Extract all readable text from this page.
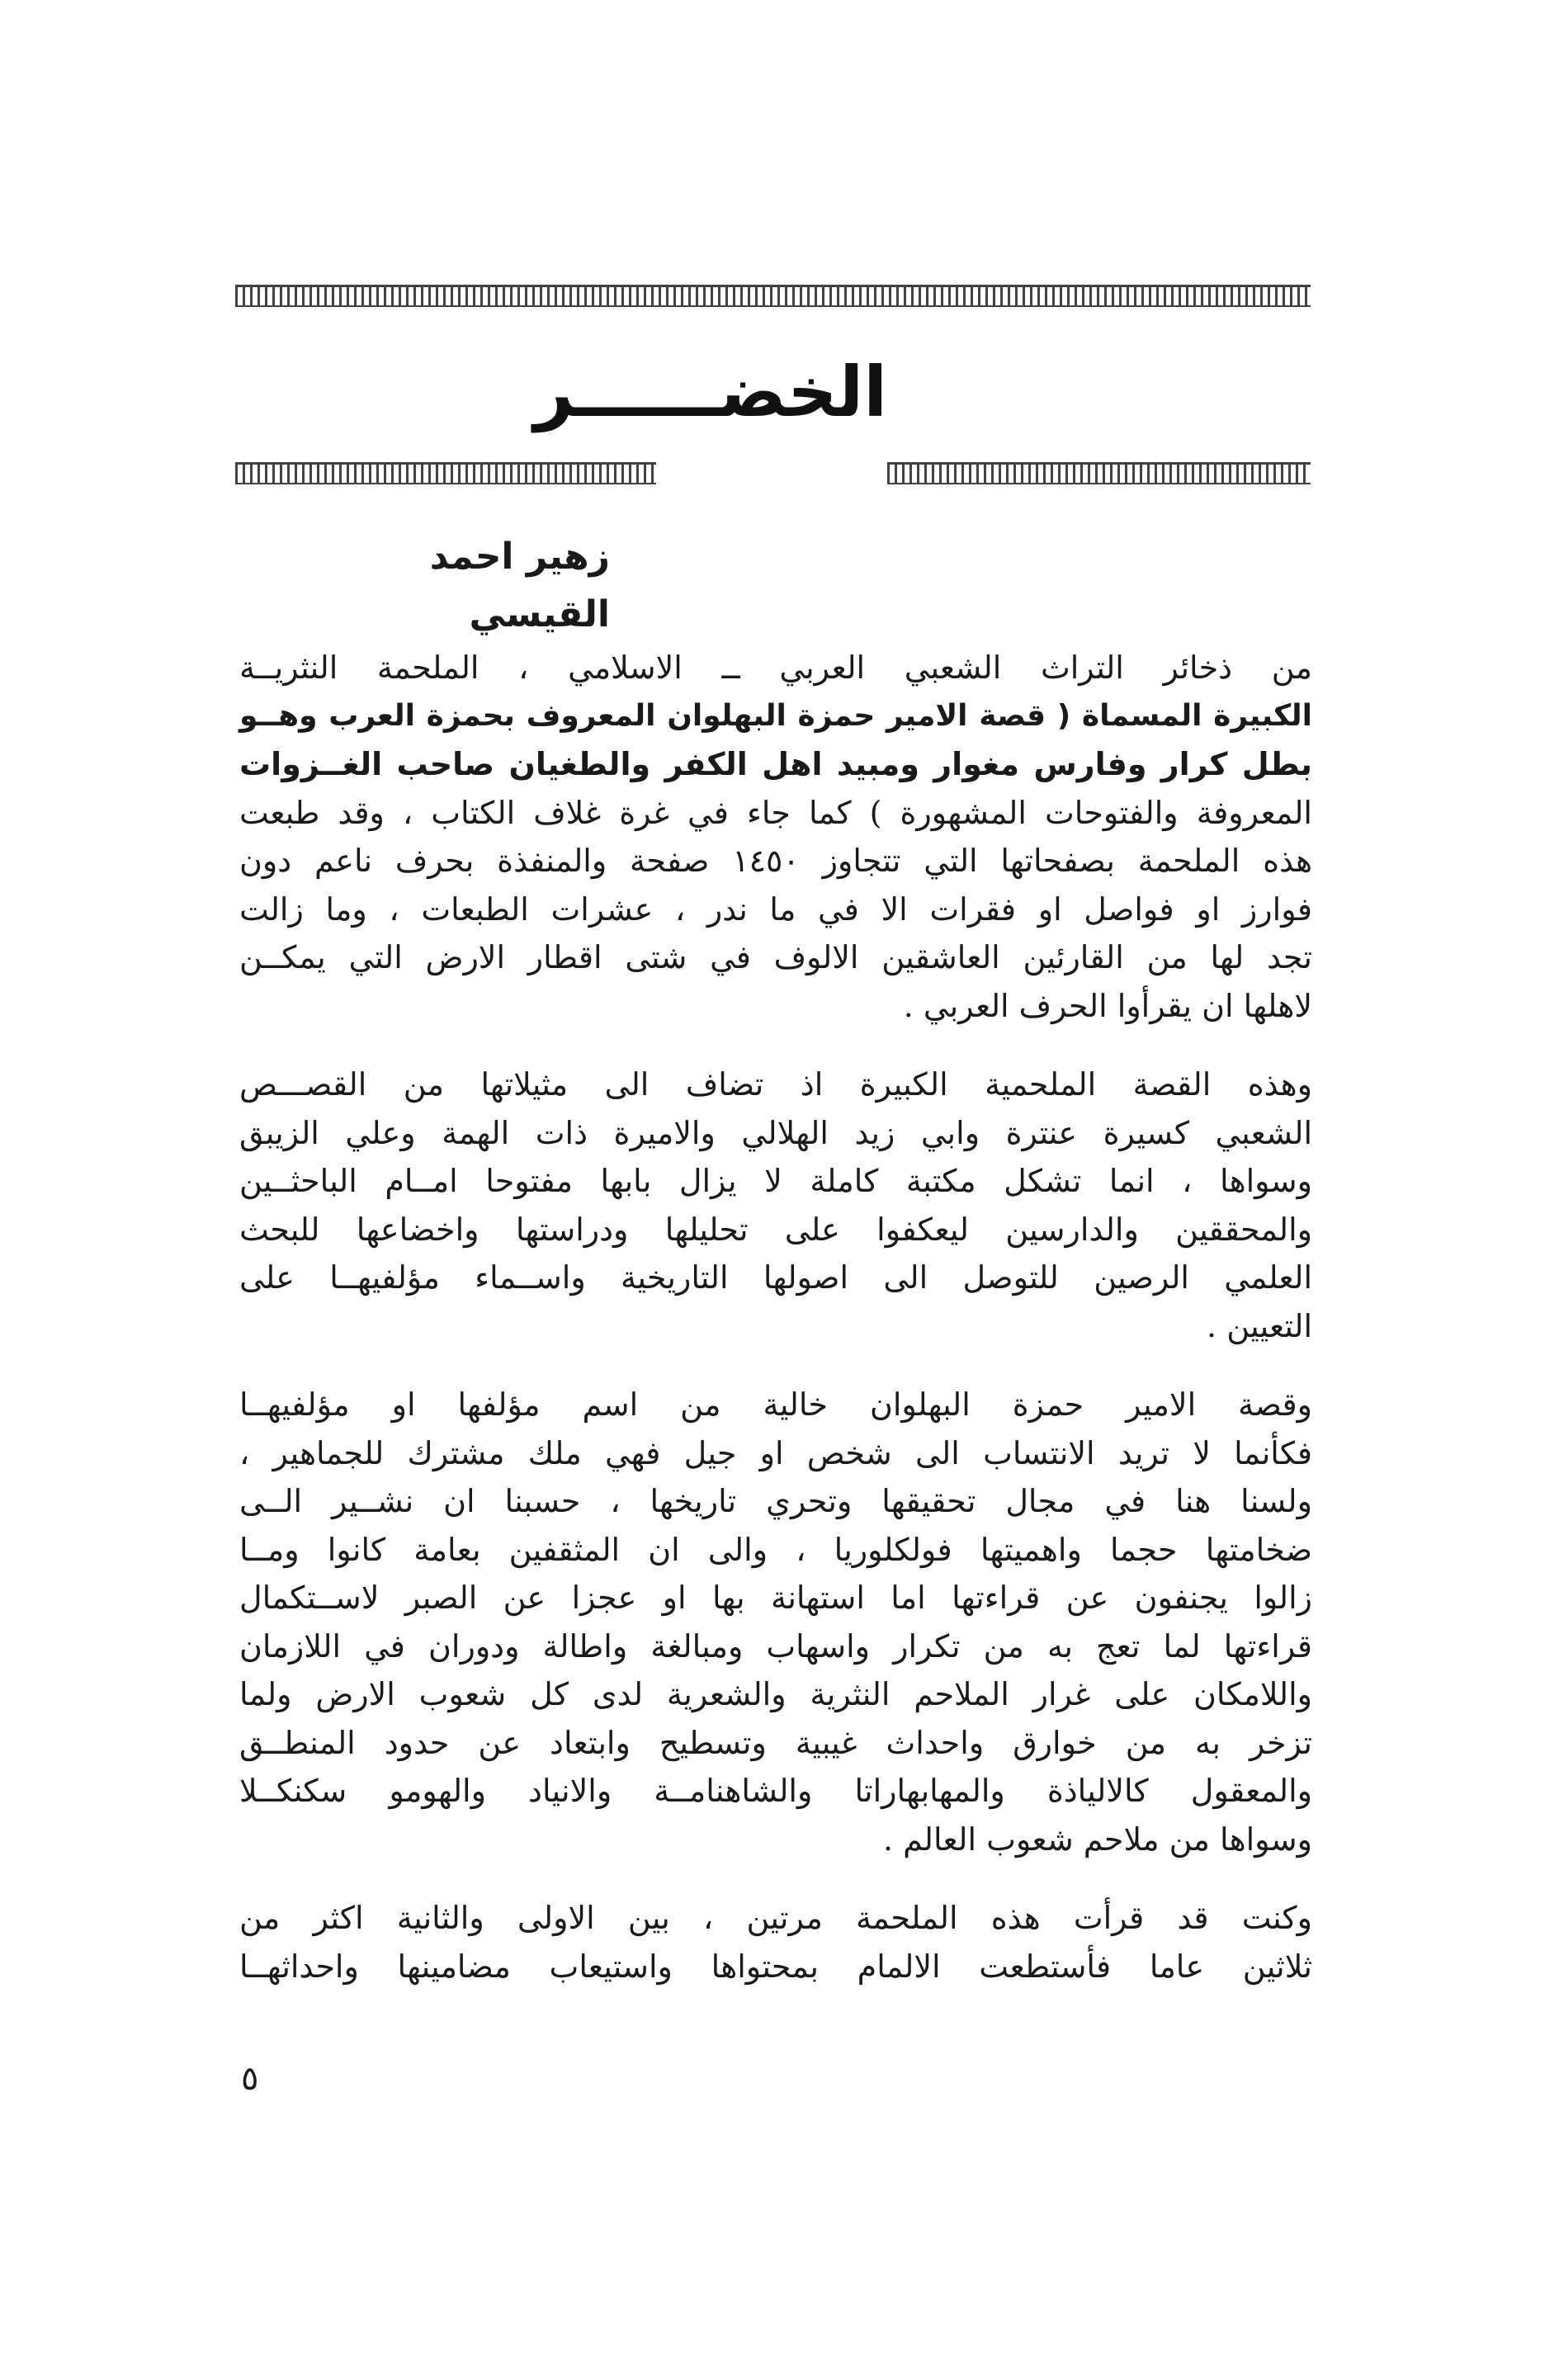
الخضــــــر
زهير احمد القيسي

من ذخائر التراث الشعبي العربي ــ الاسلامي ، الملحمة النثريــة
الكبيرة المسماة ( قصة الامير حمزة البهلوان المعروف بحمزة العرب وهــو
بطل كرار وفارس مغوار ومبيد اهل الكفر والطغيان صاحب الغــزوات
المعروفة والفتوحات المشهورة ) كما جاء في غرة غلاف الكتاب ، وقد طبعت
هذه الملحمة بصفحاتها التي تتجاوز ١٤٥٠ صفحة والمنفذة بحرف ناعم دون
فوارز او فواصل او فقرات الا في ما ندر ، عشرات الطبعات ، وما زالت
تجد لها من القارئين العاشقين الالوف في شتى اقطار الارض التي يمكــن
لاهلها ان يقرأوا الحرف العربي .

وهذه القصة الملحمية الكبيرة اذ تضاف الى مثيلاتها من القصـــص
الشعبي كسيرة عنترة وابي زيد الهلالي والاميرة ذات الهمة وعلي الزيبق
وسواها ، انما تشكل مكتبة كاملة لا يزال بابها مفتوحا امــام الباحثــين
والمحققين والدارسين ليعكفوا على تحليلها ودراستها واخضاعها للبحث
العلمي الرصين للتوصل الى اصولها التاريخية واســماء مؤلفيهــا على
التعيين .

وقصة الامير حمزة البهلوان خالية من اسم مؤلفها او مؤلفيهــا
فكأنما لا تريد الانتساب الى شخص او جيل فهي ملك مشترك للجماهير ،
ولسنا هنا في مجال تحقيقها وتحري تاريخها ، حسبنا ان نشــير الــى
ضخامتها حجما واهميتها فولكلوريا ، والى ان المثقفين بعامة كانوا ومــا
زالوا يجنفون عن قراءتها اما استهانة بها او عجزا عن الصبر لاســتكمال
قراءتها لما تعج به من تكرار واسهاب ومبالغة واطالة ودوران في اللازمان
واللامكان على غرار الملاحم النثرية والشعرية لدى كل شعوب الارض ولما
تزخر به من خوارق واحداث غيبية وتسطيح وابتعاد عن حدود المنطــق
والمعقول كالالياذة والمهابهاراتا والشاهنامــة والانياد والهومو سكنكــلا
وسواها من ملاحم شعوب العالم .

وكنت قد قرأت هذه الملحمة مرتين ، بين الاولى والثانية اكثر من
ثلاثين عاما فأستطعت الالمام بمحتواها واستيعاب مضامينها واحداثهــا

٥
